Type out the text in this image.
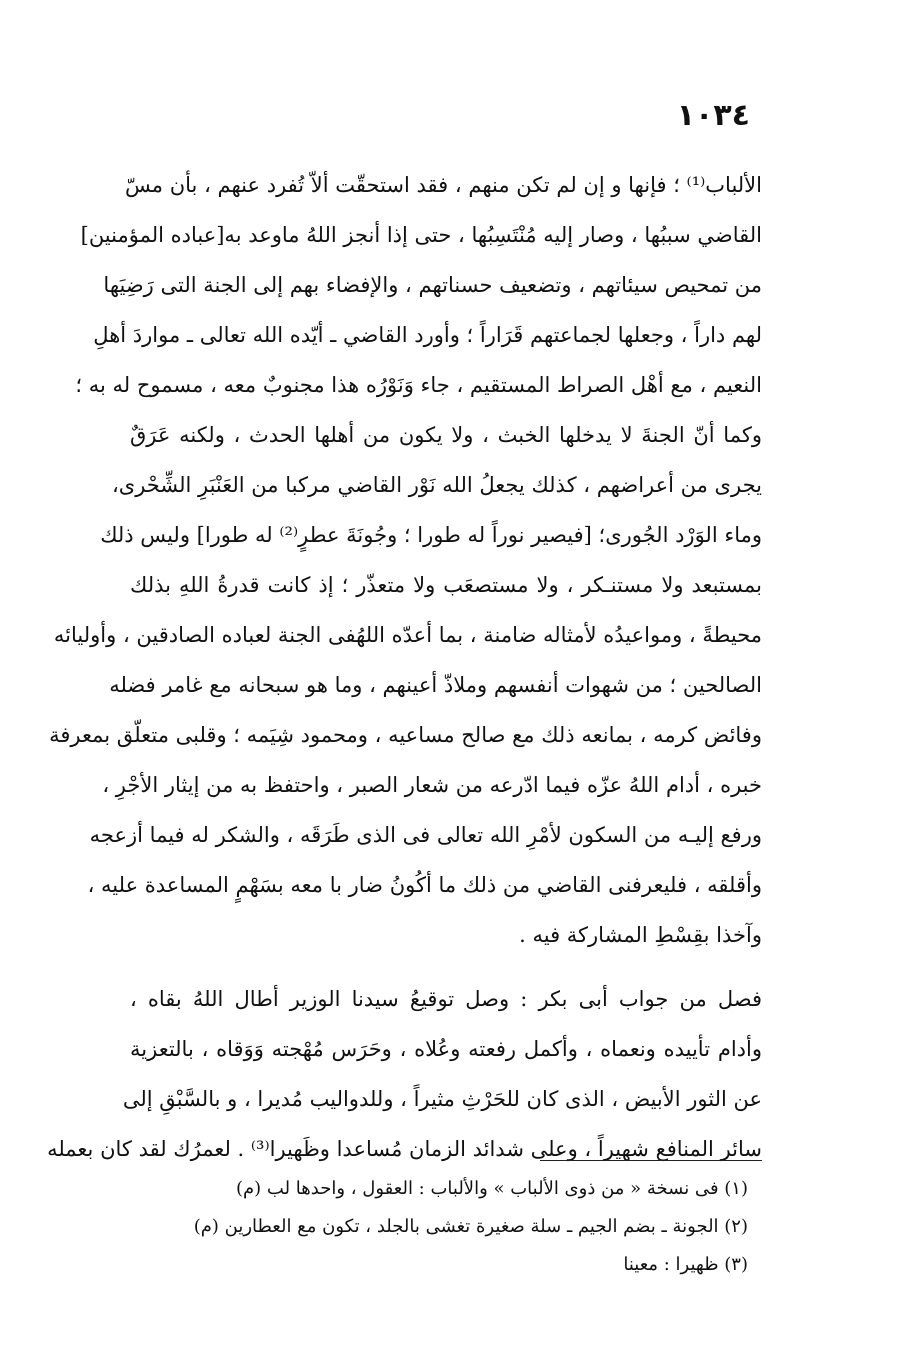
١٠٣٤
الألباب⁽¹⁾ ؛ فإنها و إن لم تكن منهم ، فقد استحقّت ألاّ تُفرد عنهم ، بأن مسّ
القاضي سببُها ، وصار إليه مُنْتَسِبُها ، حتى إذا أنجز اللهُ ماوعد به[عباده المؤمنين]
من تمحيص سيئاتهم ، وتضعيف حسناتهم ، والإفضاء بهم إلى الجنة التى رَضِيَها
لهم داراً ، وجعلها لجماعتهم قَرَاراً ؛ وأورد القاضي ـ أيّده الله تعالى ـ مواردَ أهلِ
النعيم ، مع أهْل الصراط المستقيم ، جاء وَنَوْرُه هذا مجنوبٌ معه ، مسموح له به ؛
وكما أنّ الجنةَ لا يدخلها الخبث ، ولا يكون من أهلها الحدث ، ولكنه عَرَقٌ
يجرى من أعراضهم ، كذلك يجعلُ الله نَوْر القاضي مركبا من العَنْبَرِ الشِّحْرى،
وماء الوَرْد الجُورى؛ [فيصير نوراً له طورا ؛ وجُونَةَ عطرٍ⁽²⁾ له طورا] وليس ذلك
بمستبعد ولا مستنـكر ، ولا مستصعَب ولا متعذّر ؛ إذ كانت قدرةُ اللهِ بذلك
محيطةً ، ومواعيدُه لأمثاله ضامنة ، بما أعدّه اللهُفى الجنة لعباده الصادقين ، وأوليائه
الصالحين ؛ من شهوات أنفسهم وملاذّ أعينهم ، وما هو سبحانه مع غامر فضله
وفائض كرمه ، بمانعه ذلك مع صالح مساعيه ، ومحمود شِيَمه ؛ وقلبى متعلّق بمعرفة
خبره ، أدام اللهُ عزّه فيما ادّرعه من شعار الصبر ، واحتفظ به من إيثار الأجْرِ ،
ورفع إليـه من السكون لأمْرِ الله تعالى فى الذى طَرَقَه ، والشكر له فيما أزعجه
وأقلقه ، فليعرفنى القاضي من ذلك ما أكُونُ ضار با معه بسَهْمٍ المساعدة عليه ،
وآخذا بقِسْطِ المشاركة فيه .
فصل من جواب أبى بكر : وصل توقيعُ سيدنا الوزير أطال اللهُ بقاه ،
وأدام تأييده ونعماه ، وأكمل رفعته وعُلاه ، وحَرَس مُهْجته وَوَقاه ، بالتعزية
عن الثور الأبيض ، الذى كان للحَرْثِ مثيراً ، وللدواليب مُديرا ، و بالسَّبْقِ إلى
سائر المنافع شهيراً ، وعلى شدائد الزمان مُساعدا وظَهيرا⁽³⁾ . لعمرُك لقد كان بعمله
(١) فى نسخة « من ذوى الألباب » والألباب : العقول ، واحدها لب (م)
(٢) الجونة ـ بضم الجيم ـ سلة صغيرة تغشى بالجلد ، تكون مع العطارين (م)
(٣) ظهيرا : معينا
